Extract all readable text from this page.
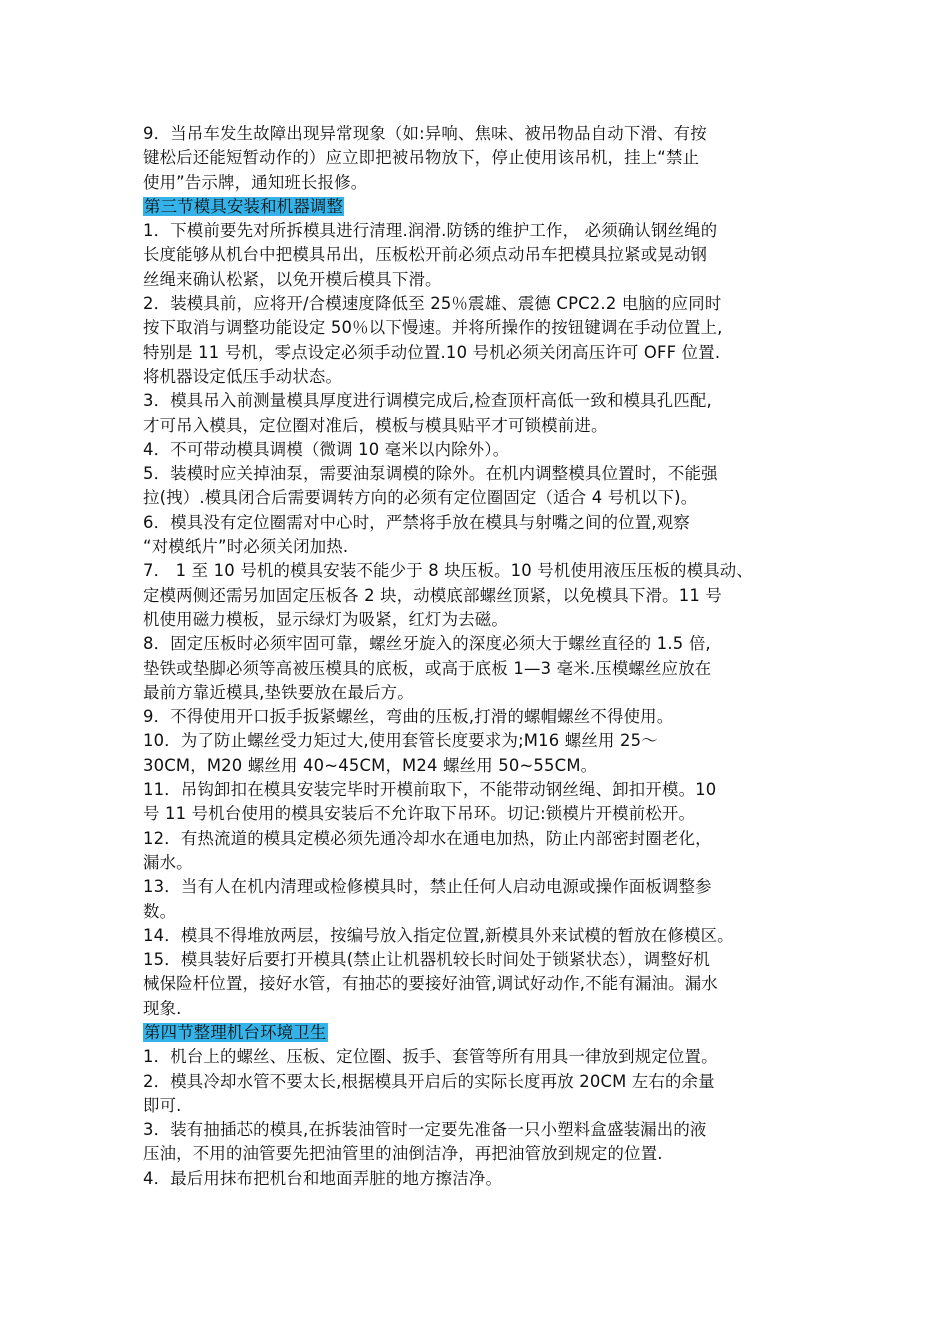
9．当吊车发生故障出现异常现象（如:异响、焦味、被吊物品自动下滑、有按
键松后还能短暂动作的）应立即把被吊物放下，停止使用该吊机，挂上“禁止
使用”告示牌，通知班长报修。
第三节模具安装和机器调整
1．下模前要先对所拆模具进行清理.润滑.防锈的维护工作， 必须确认钢丝绳的
长度能够从机台中把模具吊出，压板松开前必须点动吊车把模具拉紧或晃动钢
丝绳来确认松紧，以免开模后模具下滑。
2．装模具前，应将开/合模速度降低至 25％震雄、震德 CPC2.2 电脑的应同时
按下取消与调整功能设定 50％以下慢速。并将所操作的按钮键调在手动位置上,
特别是 11 号机，零点设定必须手动位置.10 号机必须关闭高压许可 OFF 位置.
将机器设定低压手动状态。
3．模具吊入前测量模具厚度进行调模完成后,检查顶杆高低一致和模具孔匹配,
才可吊入模具，定位圈对准后，模板与模具贴平才可锁模前进。
4．不可带动模具调模（微调 10 毫米以内除外）。
5．装模时应关掉油泵，需要油泵调模的除外。在机内调整模具位置时，不能强
拉(拽）.模具闭合后需要调转方向的必须有定位圈固定（适合 4 号机以下)。
6．模具没有定位圈需对中心时，严禁将手放在模具与射嘴之间的位置,观察
“对模纸片”时必须关闭加热.
7． 1 至 10 号机的模具安装不能少于 8 块压板。10 号机使用液压压板的模具动、
定模两侧还需另加固定压板各 2 块，动模底部螺丝顶紧，以免模具下滑。11 号
机使用磁力模板，显示绿灯为吸紧，红灯为去磁。
8．固定压板时必须牢固可靠，螺丝牙旋入的深度必须大于螺丝直径的 1.5 倍,
垫铁或垫脚必须等高被压模具的底板，或高于底板 1—3 毫米.压模螺丝应放在
最前方靠近模具,垫铁要放在最后方。
9．不得使用开口扳手扳紧螺丝，弯曲的压板,打滑的螺帽螺丝不得使用。
10．为了防止螺丝受力矩过大,使用套管长度要求为;M16 螺丝用 25～
30CM，M20 螺丝用 40~45CM，M24 螺丝用 50~55CM。
11．吊钩卸扣在模具安装完毕时开模前取下，不能带动钢丝绳、卸扣开模。10
号 11 号机台使用的模具安装后不允许取下吊环。切记:锁模片开模前松开。
12．有热流道的模具定模必须先通冷却水在通电加热，防止内部密封圈老化，
漏水。
13．当有人在机内清理或检修模具时，禁止任何人启动电源或操作面板调整参
数。
14．模具不得堆放两层，按编号放入指定位置,新模具外来试模的暂放在修模区。
15．模具装好后要打开模具(禁止让机器机较长时间处于锁紧状态），调整好机
械保险杆位置，接好水管，有抽芯的要接好油管,调试好动作,不能有漏油。漏水
现象.
第四节整理机台环境卫生
1．机台上的螺丝、压板、定位圈、扳手、套管等所有用具一律放到规定位置。
2．模具冷却水管不要太长,根据模具开启后的实际长度再放 20CM 左右的余量
即可.
3．装有抽插芯的模具,在拆装油管时一定要先准备一只小塑料盒盛装漏出的液
压油，不用的油管要先把油管里的油倒洁净，再把油管放到规定的位置.
4．最后用抹布把机台和地面弄脏的地方擦洁净。
